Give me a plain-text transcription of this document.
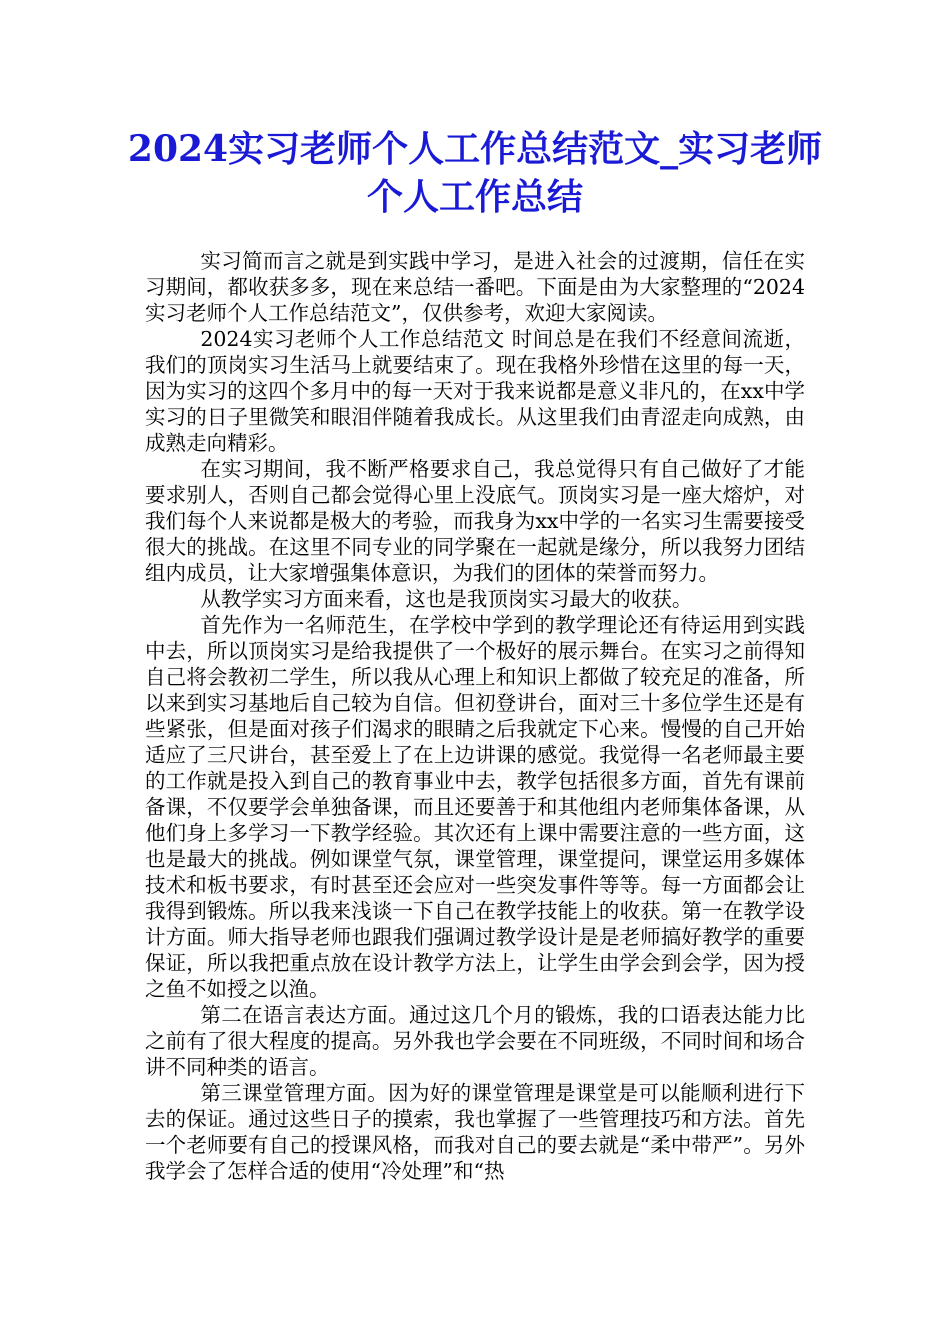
2024实习老师个人工作总结范文_实习老师个人工作总结

实习简而言之就是到实践中学习，是进入社会的过渡期，信任在实习期间，都收获多多，现在来总结一番吧。下面是由为大家整理的“2024实习老师个人工作总结范文”，仅供参考，欢迎大家阅读。

2024实习老师个人工作总结范文 时间总是在我们不经意间流逝，我们的顶岗实习生活马上就要结束了。现在我格外珍惜在这里的每一天，因为实习的这四个多月中的每一天对于我来说都是意义非凡的，在xx中学实习的日子里微笑和眼泪伴随着我成长。从这里我们由青涩走向成熟，由成熟走向精彩。

在实习期间，我不断严格要求自己，我总觉得只有自己做好了才能要求别人，否则自己都会觉得心里上没底气。顶岗实习是一座大熔炉，对我们每个人来说都是极大的考验，而我身为xx中学的一名实习生需要接受很大的挑战。在这里不同专业的同学聚在一起就是缘分，所以我努力团结组内成员，让大家增强集体意识，为我们的团体的荣誉而努力。

从教学实习方面来看，这也是我顶岗实习最大的收获。

首先作为一名师范生，在学校中学到的教学理论还有待运用到实践中去，所以顶岗实习是给我提供了一个极好的展示舞台。在实习之前得知自己将会教初二学生，所以我从心理上和知识上都做了较充足的准备，所以来到实习基地后自己较为自信。但初登讲台，面对三十多位学生还是有些紧张，但是面对孩子们渴求的眼睛之后我就定下心来。慢慢的自己开始适应了三尺讲台，甚至爱上了在上边讲课的感觉。我觉得一名老师最主要的工作就是投入到自己的教育事业中去，教学包括很多方面，首先有课前备课，不仅要学会单独备课，而且还要善于和其他组内老师集体备课，从他们身上多学习一下教学经验。其次还有上课中需要注意的一些方面，这也是最大的挑战。例如课堂气氛，课堂管理，课堂提问，课堂运用多媒体技术和板书要求，有时甚至还会应对一些突发事件等等。每一方面都会让我得到锻炼。所以我来浅谈一下自己在教学技能上的收获。第一在教学设计方面。师大指导老师也跟我们强调过教学设计是是老师搞好教学的重要保证，所以我把重点放在设计教学方法上，让学生由学会到会学，因为授之鱼不如授之以渔。

第二在语言表达方面。通过这几个月的锻炼，我的口语表达能力比之前有了很大程度的提高。另外我也学会要在不同班级，不同时间和场合讲不同种类的语言。

第三课堂管理方面。因为好的课堂管理是课堂是可以能顺利进行下去的保证。通过这些日子的摸索，我也掌握了一些管理技巧和方法。首先一个老师要有自己的授课风格，而我对自己的要去就是“柔中带严”。另外我学会了怎样合适的使用“冷处理”和“热
